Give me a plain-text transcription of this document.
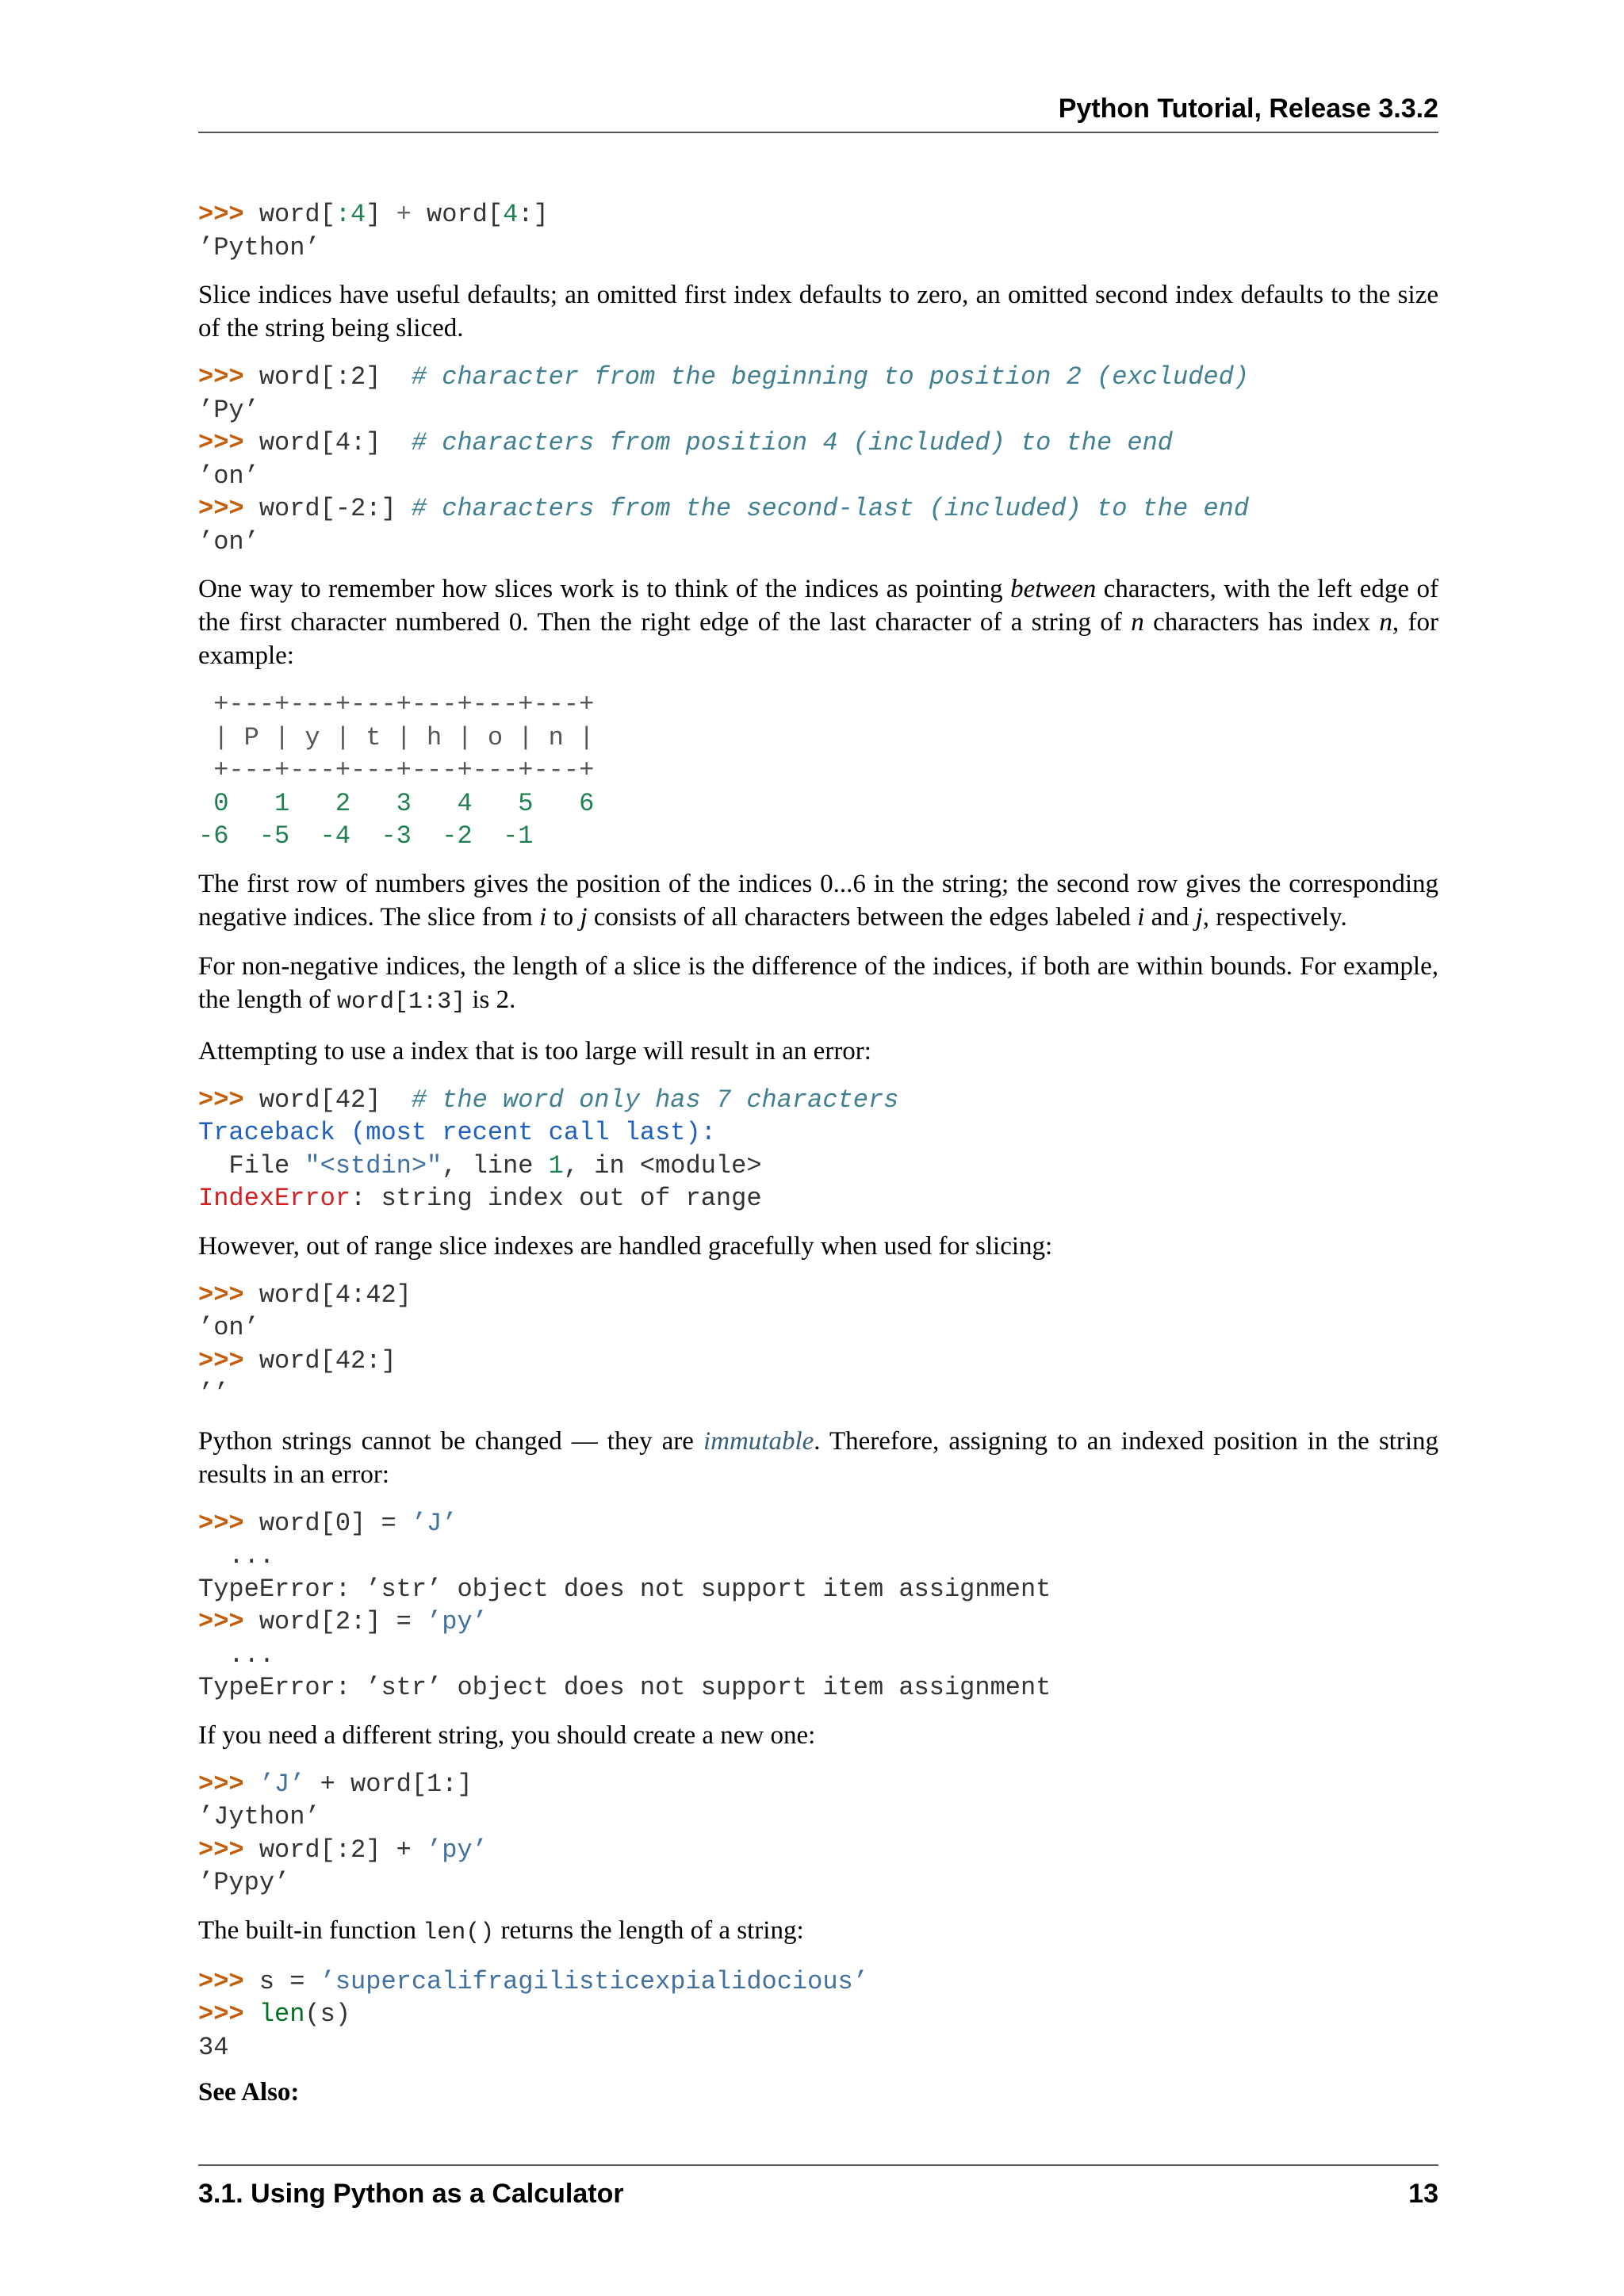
Python Tutorial, Release 3.3.2
>>> word[:4] + word[4:]
’Python’

Slice indices have useful defaults; an omitted first index defaults to zero, an omitted second index defaults to the size of the string being sliced.

>>> word[:2] # character from the beginning to position 2 (excluded)
’Py’
>>> word[4:] # characters from position 4 (included) to the end
’on’
>>> word[-2:] # characters from the second-last (included) to the end
’on’

One way to remember how slices work is to think of the indices as pointing between characters, with the left edge of the first character numbered 0. Then the right edge of the last character of a string of n characters has index n, for example:

+---+---+---+---+---+---+
| P | y | t | h | o | n |
+---+---+---+---+---+---+
0   1   2   3   4   5   6
-6  -5  -4  -3  -2  -1

The first row of numbers gives the position of the indices 0...6 in the string; the second row gives the corresponding negative indices. The slice from i to j consists of all characters between the edges labeled i and j, respectively.

For non-negative indices, the length of a slice is the difference of the indices, if both are within bounds. For example, the length of word[1:3] is 2.

Attempting to use a index that is too large will result in an error:

>>> word[42] # the word only has 7 characters
Traceback (most recent call last):
File "<stdin>", line 1, in <module>
IndexError: string index out of range

However, out of range slice indexes are handled gracefully when used for slicing:

>>> word[4:42]
’on’
>>> word[42:]
’’

Python strings cannot be changed — they are immutable. Therefore, assigning to an indexed position in the string results in an error:

>>> word[0] = ’J’
...
TypeError: ’str’ object does not support item assignment
>>> word[2:] = ’py’
...
TypeError: ’str’ object does not support item assignment

If you need a different string, you should create a new one:

>>> ’J’ + word[1:]
’Jython’
>>> word[:2] + ’py’
’Pypy’

The built-in function len() returns the length of a string:

>>> s = ’supercalifragilisticexpialidocious’
>>> len(s)
34
See Also:
3.1. Using Python as a Calculator	13
